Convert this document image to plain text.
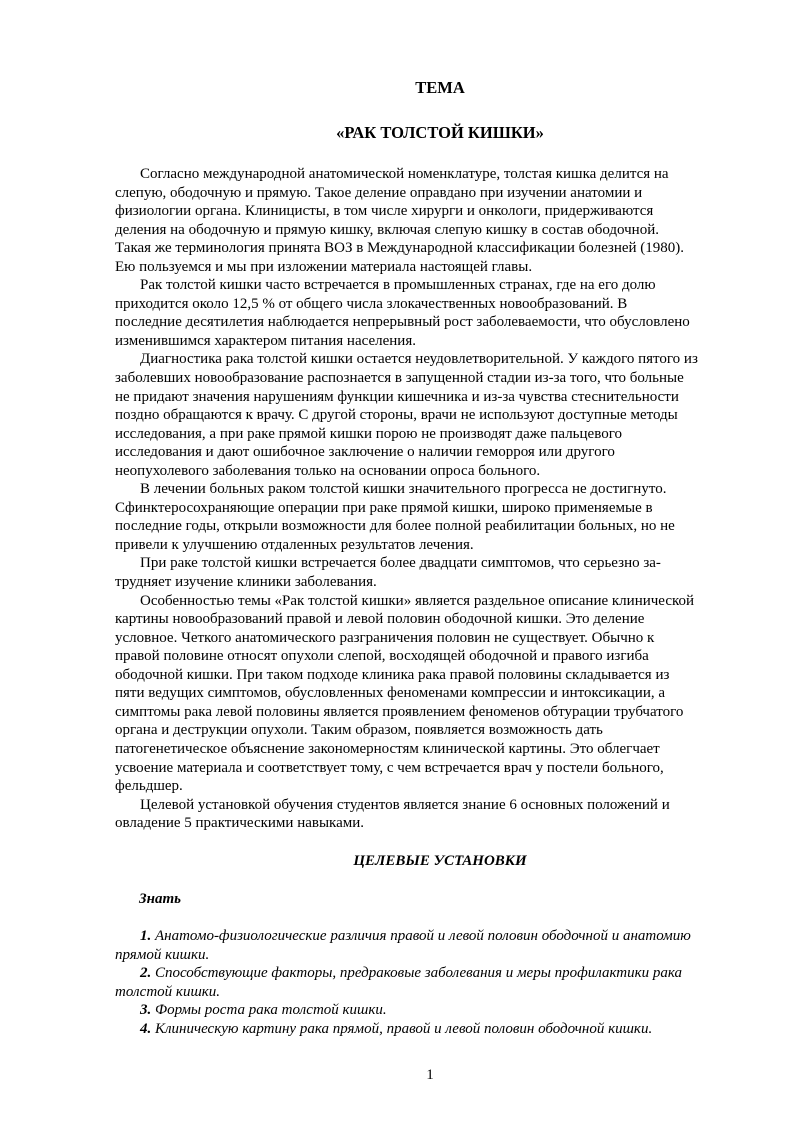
ТЕМА
«РАК ТОЛСТОЙ КИШКИ»

Согласно международной анатомической номенклатуре, толстая кишка делится на
слепую, ободочную и прямую. Такое деление оправдано при изучении анатомии и
физиологии органа. Клиницисты, в том числе хирурги и онкологи, придерживаются
деления на ободочную и прямую кишку, включая слепую кишку в состав ободочной.
Такая же терминология принята ВОЗ в Международной классификации болезней (1980).
Ею пользуемся и мы при изложении материала настоящей главы.

Рак толстой кишки часто встречается в промышленных странах, где на его долю
приходится около 12,5 % от общего числа злокачественных новообразований. В
последние десятилетия наблюдается непрерывный рост заболеваемости, что обусловлено
изменившимся характером питания населения.

Диагностика рака толстой кишки остается неудовлетворительной. У каждого пятого из
заболевших новообразование распознается в запущенной стадии из-за того, что больные
не придают значения нарушениям функции кишечника и из-за чувства стеснительности
поздно обращаются к врачу. С другой стороны, врачи не используют доступные методы
исследования, а при раке прямой кишки порою не производят даже пальцевого
исследования и дают ошибочное заключение о наличии геморроя или другого
неопухолевого заболевания только на основании опроса больного.

В лечении больных раком толстой кишки значительного прогресса не достигнуто.
Сфинктеросохраняющие операции при раке прямой кишки, широко применяемые в
последние годы, открыли возможности для более полной реабилитации больных, но не
привели к улучшению отдаленных результатов лечения.

При раке толстой кишки встречается более двадцати симптомов, что серьезно за-
трудняет изучение клиники заболевания.

Особенностью темы «Рак толстой кишки» является раздельное описание клинической
картины новообразований правой и левой половин ободочной кишки. Это деление
условное. Четкого анатомического разграничения половин не существует. Обычно к
правой половине относят опухоли слепой, восходящей ободочной и правого изгиба
ободочной кишки. При таком подходе клиника рака правой половины складывается из
пяти ведущих симптомов, обусловленных феноменами компрессии и интоксикации, а
симптомы рака левой половины является проявлением феноменов обтурации трубчатого
органа и деструкции опухоли. Таким образом, появляется возможность дать
патогенетическое объяснение закономерностям клинической картины. Это облегчает
усвоение материала и соответствует тому, с чем встречается врач у постели больного,
фельдшер.

Целевой установкой обучения студентов является знание 6 основных положений и
овладение 5 практическими навыками.

ЦЕЛЕВЫЕ УСТАНОВКИ
Знать

1. Анатомо-физиологические различия правой и левой половин ободочной и анатомию
прямой кишки.

2. Способствующие факторы, предраковые заболевания и меры профилактики рака
толстой кишки.

3. Формы роста рака толстой кишки.

4. Клиническую картину рака прямой, правой и левой половин ободочной кишки.

1
